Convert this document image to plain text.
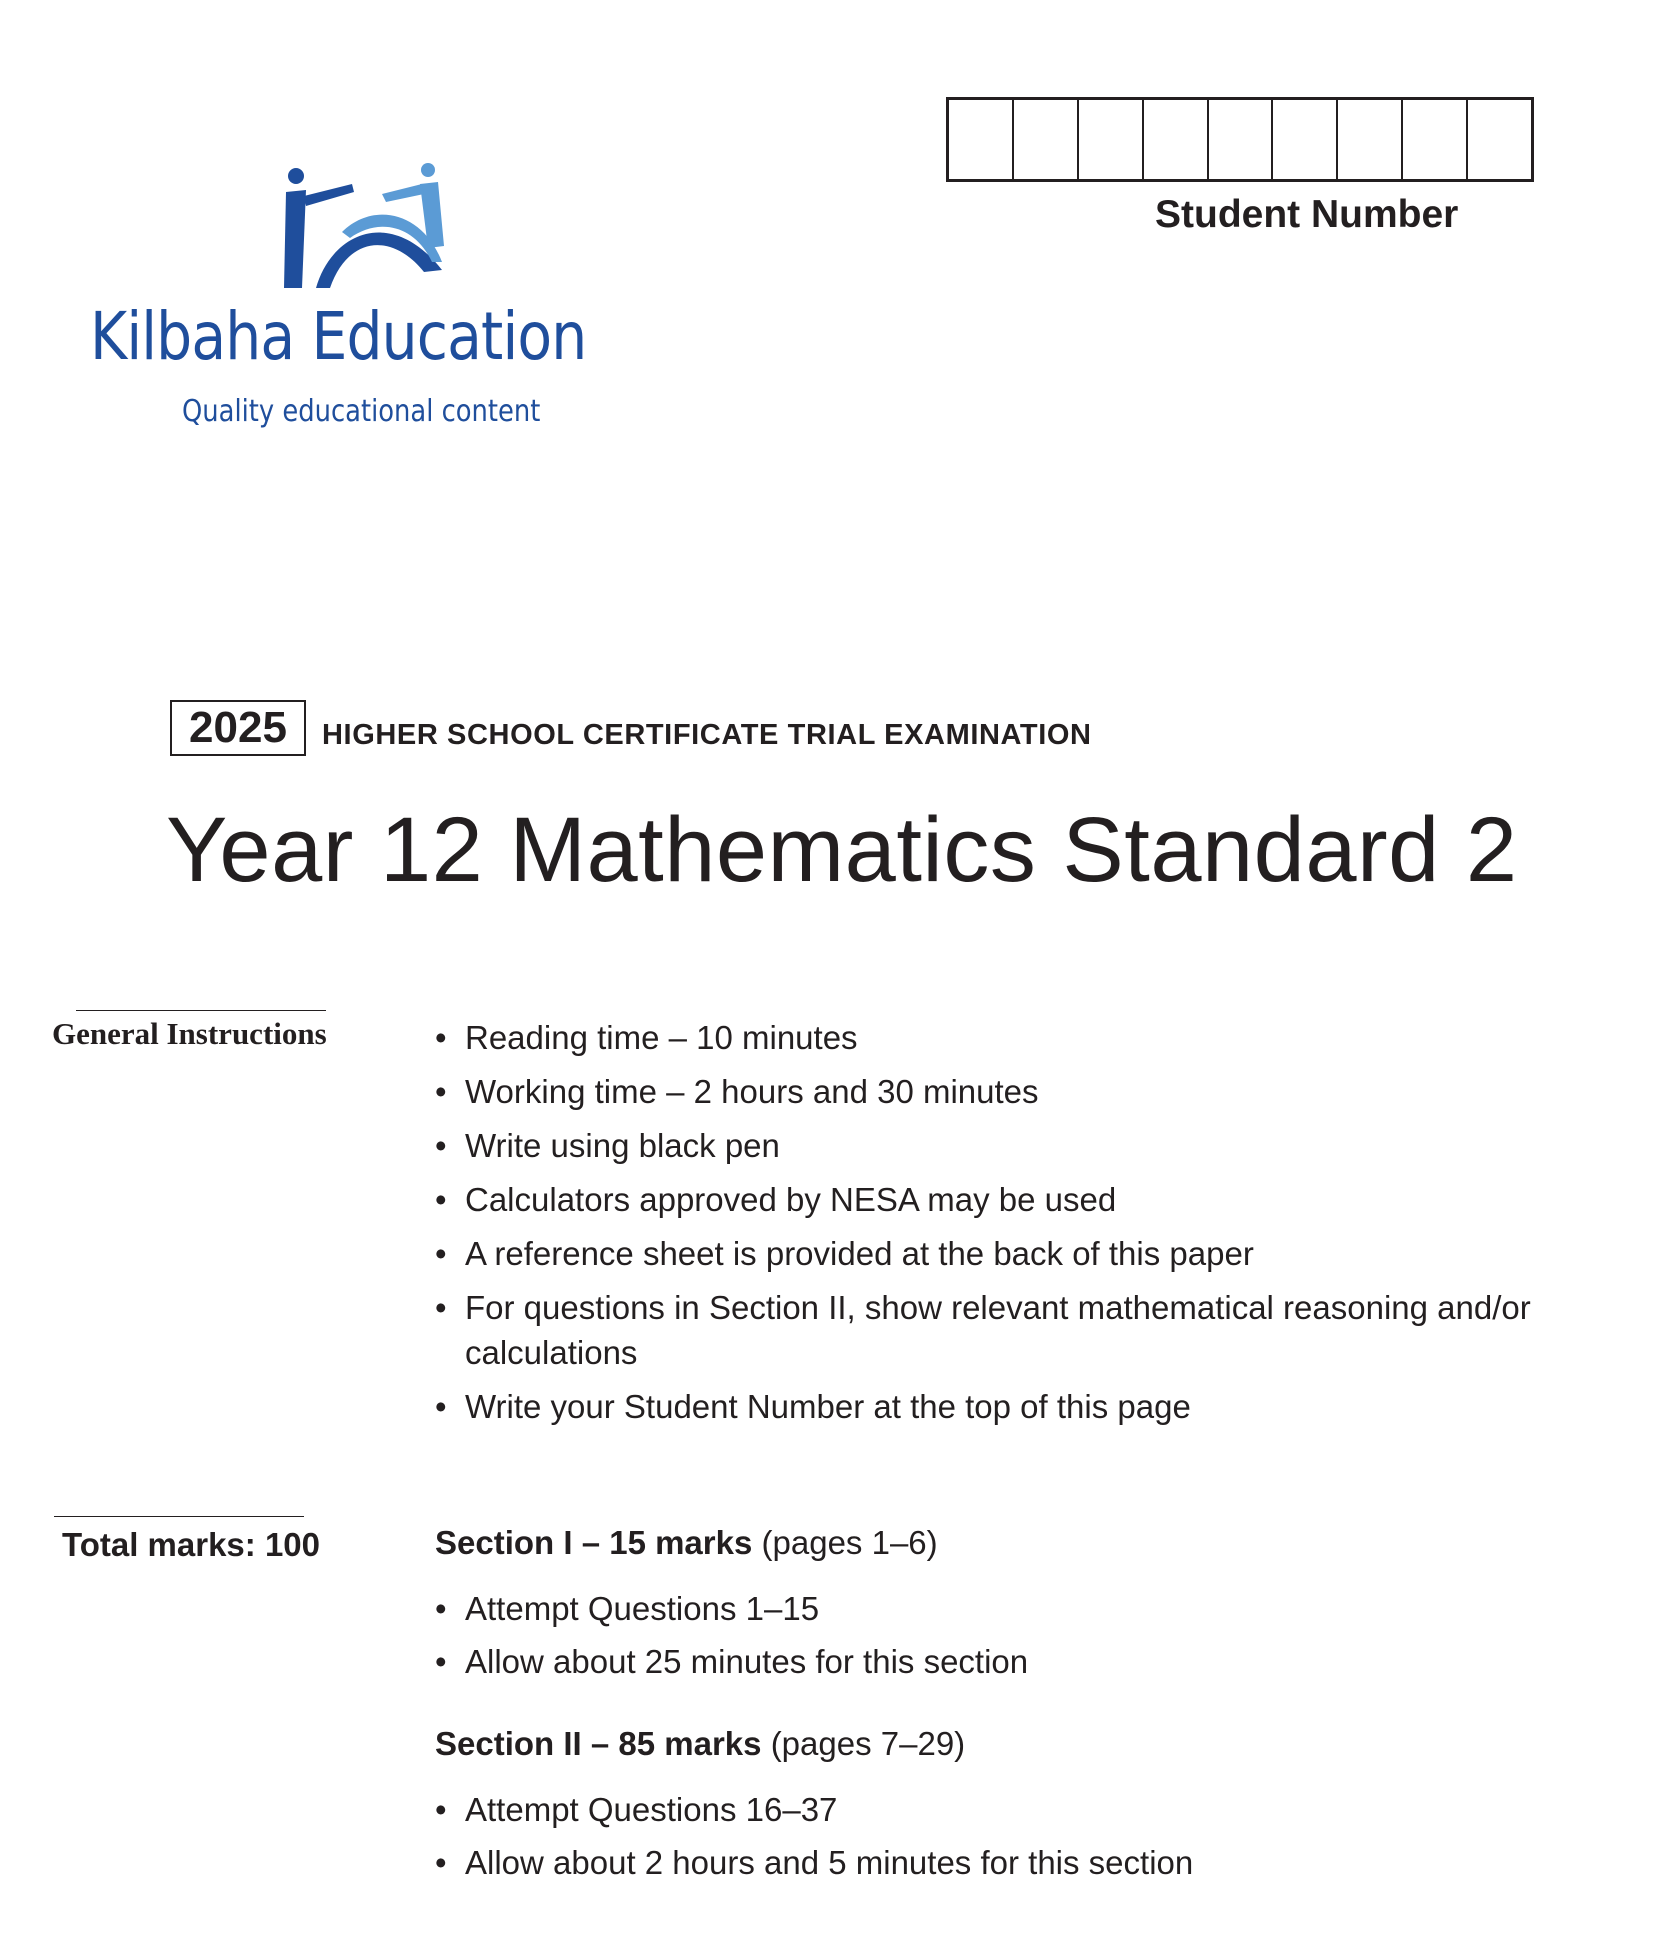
Kilbaha Education
Quality educational content
Student Number
2025	HIGHER SCHOOL CERTIFICATE TRIAL EXAMINATION
Year 12 Mathematics Standard 2
General Instructions	• Reading time – 10 minutes
• Working time – 2 hours and 30 minutes
• Write using black pen
• Calculators approved by NESA may be used
• A reference sheet is provided at the back of this paper
• For questions in Section II, show relevant mathematical reasoning and/or calculations
• Write your Student Number at the top of this page
Total marks: 100	Section I – 15 marks (pages 1–6)
• Attempt Questions 1–15
• Allow about 25 minutes for this section
Section II – 85 marks (pages 7–29)
• Attempt Questions 16–37
• Allow about 2 hours and 5 minutes for this section
